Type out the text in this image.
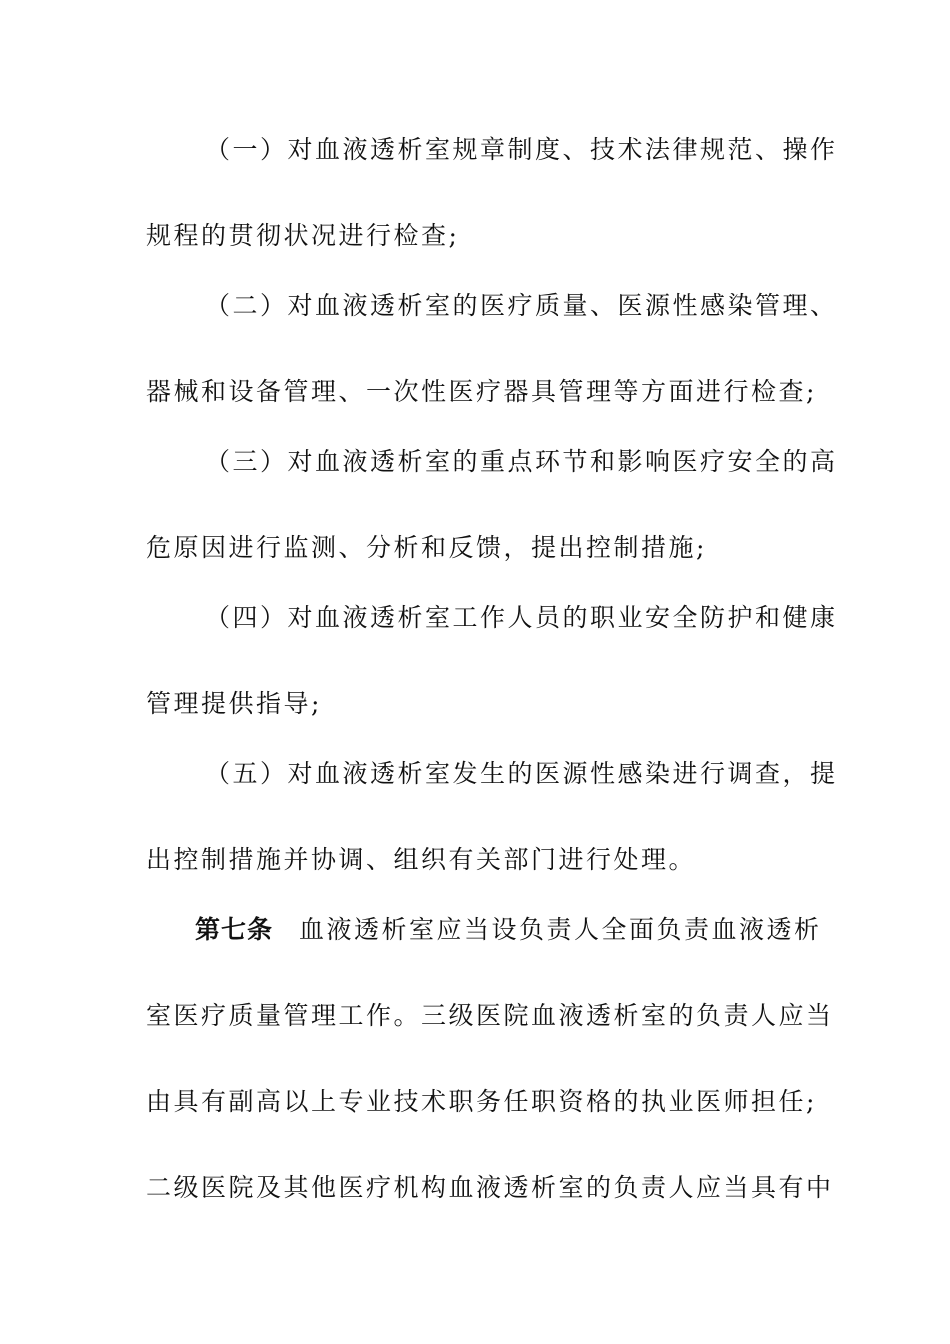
（一）对血液透析室规章制度、技术法律规范、操作
规程的贯彻状况进行检查;
（二）对血液透析室的医疗质量、医源性感染管理、
器械和设备管理、一次性医疗器具管理等方面进行检查;
（三）对血液透析室的重点环节和影响医疗安全的高
危原因进行监测、分析和反馈，提出控制措施;
（四）对血液透析室工作人员的职业安全防护和健康
管理提供指导;
（五）对血液透析室发生的医源性感染进行调查，提
出控制措施并协调、组织有关部门进行处理。
第七条 血液透析室应当设负责人全面负责血液透析
室医疗质量管理工作。三级医院血液透析室的负责人应当
由具有副高以上专业技术职务任职资格的执业医师担任;
二级医院及其他医疗机构血液透析室的负责人应当具有中
